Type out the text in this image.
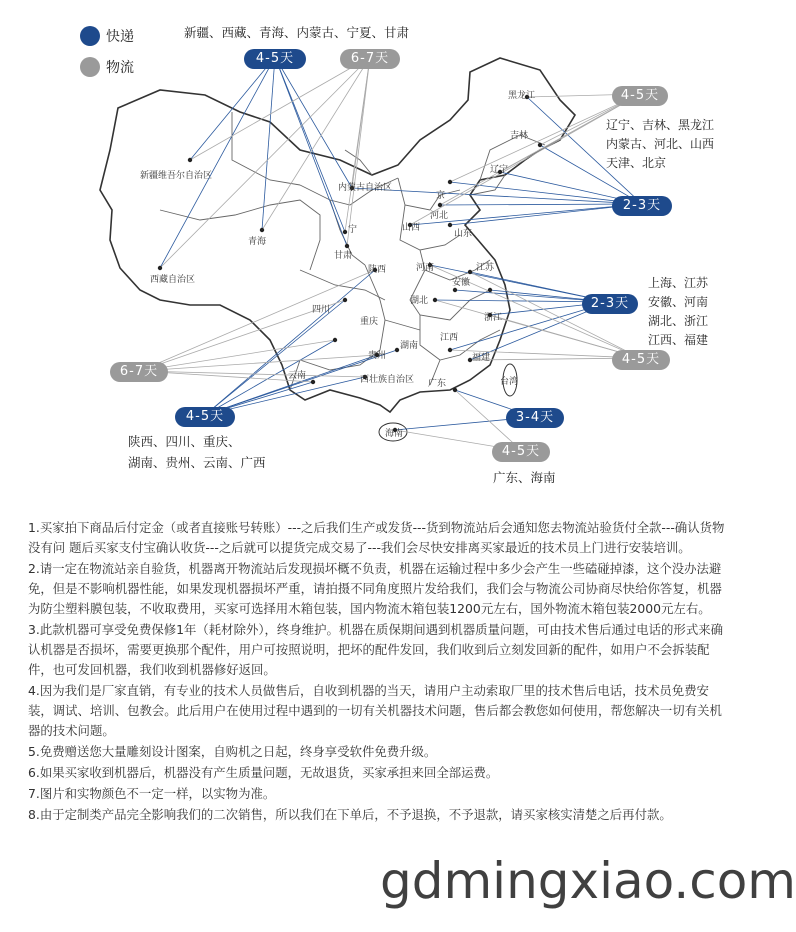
黑龙江
吉林
辽宁
新疆维吾尔自治区
内蒙古自治区
京
河北
山西
山东
青海
宁
甘肃
西藏自治区
陕西	河南	江苏
安徽
湖北
浙江
四川
重庆
贵州
湖南
江西
福建
台湾
云南	西壮族自治区 广东
海南
快递
物流
新疆、西藏、青海、内蒙古、宁夏、甘肃
4-5天	6-7天
4-5天
2-3天
2-3天
4-5天
6-7天
4-5天	3-4天
4-5天
辽宁、吉林、黑龙江
内蒙古、河北、山西
天津、北京
上海、江苏
安徽、河南
湖北、浙江
江西、福建
陕西、四川、重庆、
湖南、贵州、云南、广西
广东、海南

1.买家拍下商品后付定金（或者直接账号转账）---之后我们生产或发货---货到物流站后会通知您去物流站验货付全款---确认货物没有问 题后买家支付宝确认收货---之后就可以提货完成交易了---我们会尽快安排离买家最近的技术员上门进行安装培训。

2.请一定在物流站亲自验货，机器离开物流站后发现损坏概不负责，机器在运输过程中多少会产生一些磕碰掉漆，这个没办法避免，但是不影响机器性能，如果发现机器损坏严重，请拍摄不同角度照片发给我们，我们会与物流公司协商尽快给你答复，机器为防尘塑料膜包装，不收取费用，买家可选择用木箱包装，国内物流木箱包装1200元左右，国外物流木箱包装2000元左右。

3.此款机器可享受免费保修1年（耗材除外），终身维护。机器在质保期间遇到机器质量问题，可由技术售后通过电话的形式来确认机器是否损坏，需要更换那个配件，用户可按照说明，把坏的配件发回，我们收到后立刻发回新的配件，如用户不会拆装配件，也可发回机器，我们收到机器修好返回。

4.因为我们是厂家直销，有专业的技术人员做售后，自收到机器的当天，请用户主动索取厂里的技术售后电话，技术员免费安装，调试、培训、包教会。此后用户在使用过程中遇到的一切有关机器技术问题，售后都会教您如何使用，帮您解决一切有关机器的技术问题。

5.免费赠送您大量雕刻设计图案，自购机之日起，终身享受软件免费升级。

6.如果买家收到机器后，机器没有产生质量问题，无故退货，买家承担来回全部运费。

7.图片和实物颜色不一定一样，以实物为准。

8.由于定制类产品完全影响我们的二次销售，所以我们在下单后，不予退换，不予退款，请买家核实清楚之后再付款。

gdmingxiao.com
